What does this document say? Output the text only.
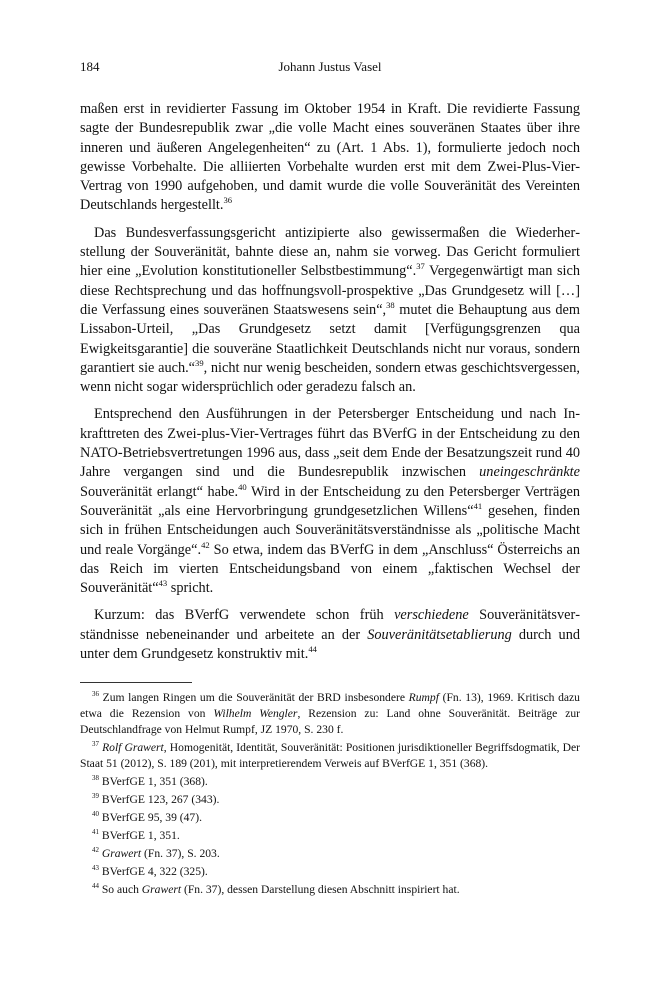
184	Johann Justus Vasel

maßen erst in revidierter Fassung im Oktober 1954 in Kraft. Die revidierte Fassung sagte der Bundesrepublik zwar „die volle Macht eines souveränen Staates über ihre inneren und äußeren Angelegenheiten“ zu (Art. 1 Abs. 1), formulierte jedoch noch gewisse Vorbehalte. Die alliierten Vorbehalte wurden erst mit dem Zwei-Plus-Vier-Vertrag von 1990 aufgehoben, und damit wurde die volle Souveränität des Vereinten Deutschlands hergestellt.$^{36}$

Das Bundesverfassungsgericht antizipierte also gewissermaßen die Wiederherstellung der Souveränität, bahnte diese an, nahm sie vorweg. Das Gericht formuliert hier eine „Evolution konstitutioneller Selbstbestimmung“.$^{37}$ Vergegenwärtigt man sich diese Rechtsprechung und das hoffnungsvoll-prospektive „Das Grundgesetz will […] die Verfassung eines souveränen Staatswesens sein“,$^{38}$ mutet die Behauptung aus dem Lissabon-Urteil, „Das Grundgesetz setzt damit [Verfügungsgrenzen qua Ewigkeitsgarantie] die souveräne Staatlichkeit Deutschlands nicht nur voraus, sondern garantiert sie auch.“$^{39}$, nicht nur wenig bescheiden, sondern etwas geschichtsvergessen, wenn nicht sogar widersprüchlich oder geradezu falsch an.

Entsprechend den Ausführungen in der Petersberger Entscheidung und nach Inkrafttreten des Zwei-plus-Vier-Vertrages führt das BVerfG in der Entscheidung zu den NATO-Betriebsvertretungen 1996 aus, dass „seit dem Ende der Besatzungszeit rund 40 Jahre vergangen sind und die Bundesrepublik inzwischen uneingeschränkte Souveränität erlangt“ habe.$^{40}$ Wird in der Entscheidung zu den Petersberger Verträgen Souveränität „als eine Hervorbringung grundgesetzlichen Willens“$^{41}$ gesehen, finden sich in frühen Entscheidungen auch Souveränitätsverständnisse als „politische Macht und reale Vorgänge“.$^{42}$ So etwa, indem das BVerfG in dem „Anschluss“ Österreichs an das Reich im vierten Entscheidungsband von einem „faktischen Wechsel der Souveränität“$^{43}$ spricht.

Kurzum: das BVerfG verwendete schon früh verschiedene Souveränitätsverständnisse nebeneinander und arbeitete an der Souveränitätsetablierung durch und unter dem Grundgesetz konstruktiv mit.$^{44}$

$^{36}$ Zum langen Ringen um die Souveränität der BRD insbesondere Rumpf (Fn. 13), 1969. Kritisch dazu etwa die Rezension von Wilhelm Wengler, Rezension zu: Land ohne Souveränität. Beiträge zur Deutschlandfrage von Helmut Rumpf, JZ 1970, S. 230 f.

$^{37}$ Rolf Grawert, Homogenität, Identität, Souveränität: Positionen jurisdiktioneller Begriffsdogmatik, Der Staat 51 (2012), S. 189 (201), mit interpretierendem Verweis auf BVerfGE 1, 351 (368).

$^{38}$ BVerfGE 1, 351 (368).

$^{39}$ BVerfGE 123, 267 (343).

$^{40}$ BVerfGE 95, 39 (47).

$^{41}$ BVerfGE 1, 351.

$^{42}$ Grawert (Fn. 37), S. 203.

$^{43}$ BVerfGE 4, 322 (325).

$^{44}$ So auch Grawert (Fn. 37), dessen Darstellung diesen Abschnitt inspiriert hat.
